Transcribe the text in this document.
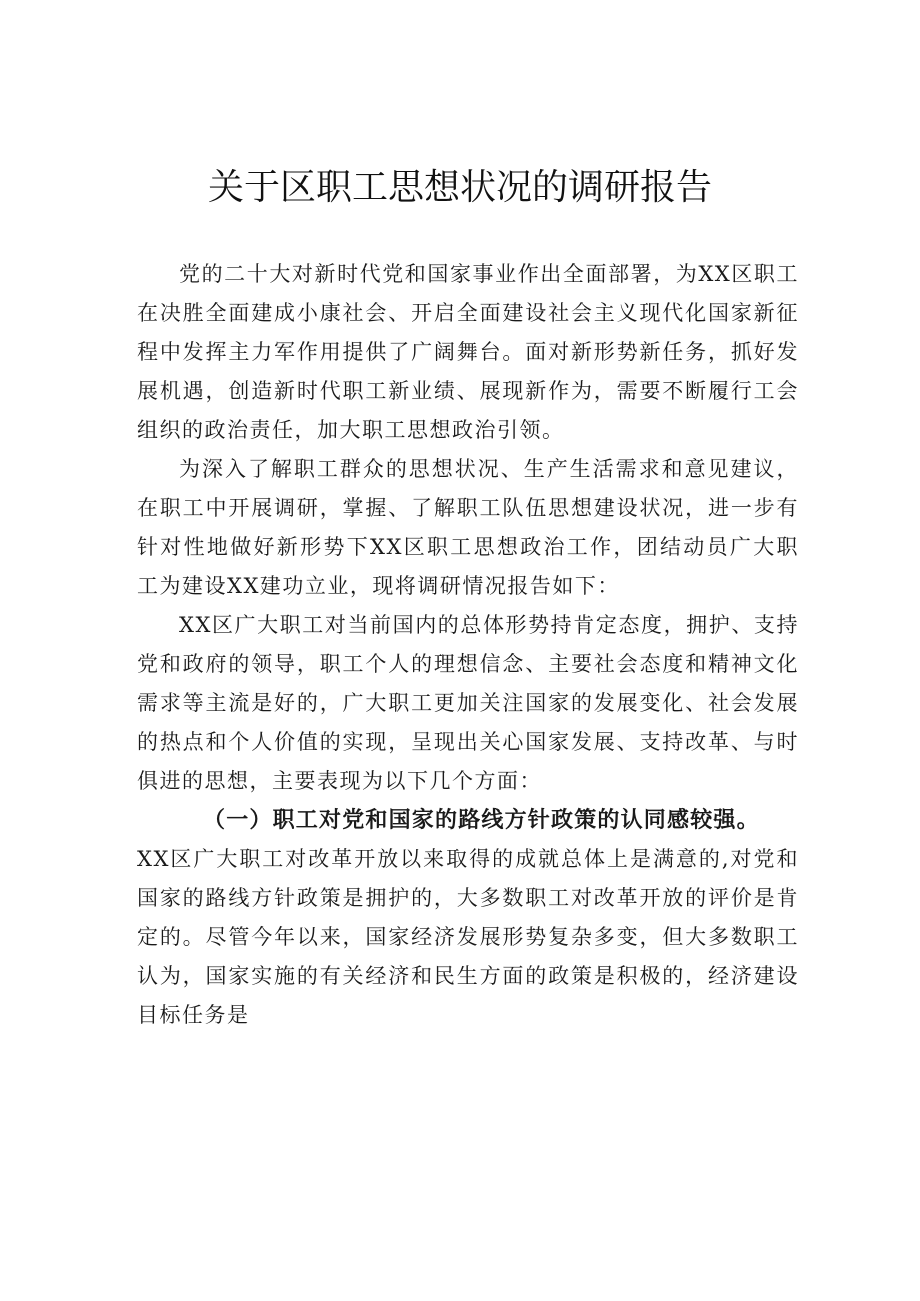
关于区职工思想状况的调研报告

党的二十大对新时代党和国家事业作出全面部署，为XX区职工在决胜全面建成小康社会、开启全面建设社会主义现代化国家新征程中发挥主力军作用提供了广阔舞台。面对新形势新任务，抓好发展机遇，创造新时代职工新业绩、展现新作为，需要不断履行工会组织的政治责任，加大职工思想政治引领。

为深入了解职工群众的思想状况、生产生活需求和意见建议，在职工中开展调研，掌握、了解职工队伍思想建设状况，进一步有针对性地做好新形势下XX区职工思想政治工作，团结动员广大职工为建设XX建功立业，现将调研情况报告如下：

XX区广大职工对当前国内的总体形势持肯定态度，拥护、支持党和政府的领导，职工个人的理想信念、主要社会态度和精神文化需求等主流是好的，广大职工更加关注国家的发展变化、社会发展的热点和个人价值的实现，呈现出关心国家发展、支持改革、与时俱进的思想，主要表现为以下几个方面：

（一）职工对党和国家的路线方针政策的认同感较强。
XX区广大职工对改革开放以来取得的成就总体上是满意的,对党和国家的路线方针政策是拥护的，大多数职工对改革开放的评价是肯定的。尽管今年以来，国家经济发展形势复杂多变，但大多数职工认为，国家实施的有关经济和民生方面的政策是积极的，经济建设目标任务是
